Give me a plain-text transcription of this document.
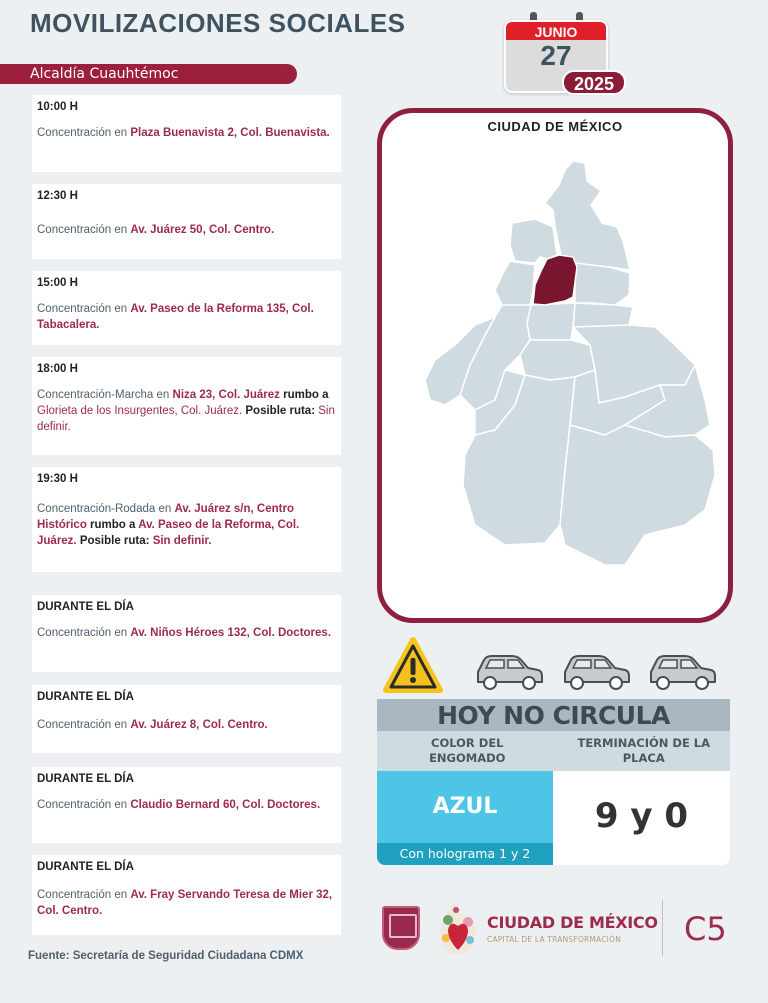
MOVILIZACIONES SOCIALES
Alcaldía Cuauhtémoc
JUNIO
27
2025
10:00 H
Concentración en Plaza Buenavista 2, Col. Buenavista.
12:30 H
Concentración en Av. Juárez 50, Col. Centro.
15:00 H
Concentración en Av. Paseo de la Reforma 135, Col. Tabacalera.
18:00 H
Concentración-Marcha en Niza 23, Col. Juárez rumbo a Glorieta de los Insurgentes, Col. Juárez. Posible ruta: Sin definir.
19:30 H
Concentración-Rodada en Av. Juárez s/n, Centro Histórico rumbo a Av. Paseo de la Reforma, Col. Juárez. Posible ruta: Sin definir.
DURANTE EL DÍA
Concentración en Av. Niños Héroes 132, Col. Doctores.
DURANTE EL DÍA
Concentración en Av. Juárez 8, Col. Centro.
DURANTE EL DÍA
Concentración en Claudio Bernard 60, Col. Doctores.
DURANTE EL DÍA
Concentración en Av. Fray Servando Teresa de Mier 32, Col. Centro.
Fuente: Secretaría de Seguridad Ciudadana CDMX
CIUDAD DE MÉXICO
HOY NO CIRCULA
COLOR DEL ENGOMADO
TERMINACIÓN DE LA PLACA
AZUL
Con holograma 1 y 2
9 y 0
CIUDAD DE MÉXICO
CAPITAL DE LA TRANSFORMACIÓN C5
